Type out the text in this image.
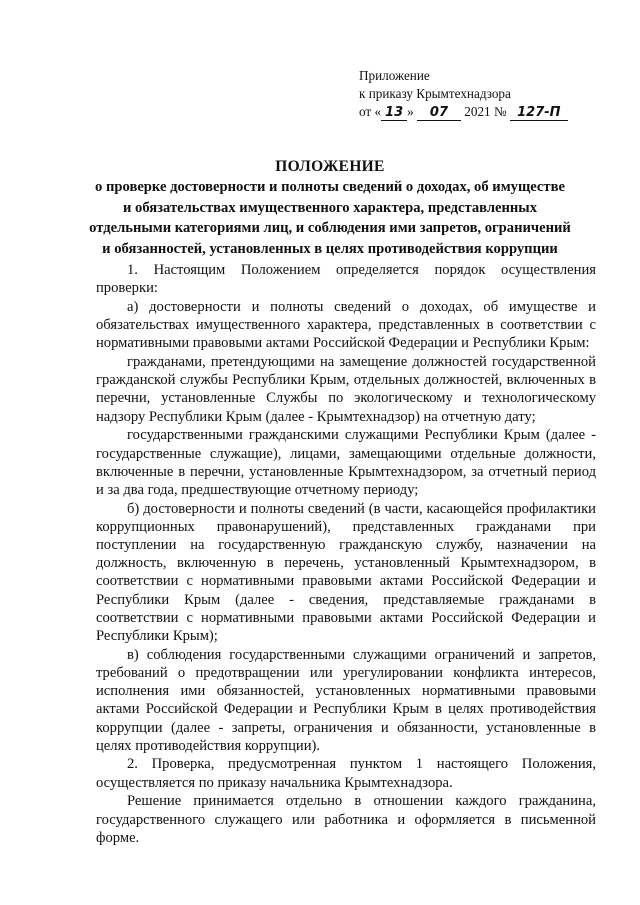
Приложение
к приказу Крымтехнадзора
от « 13 » 07 2021 № 127-П
ПОЛОЖЕНИЕ
о проверке достоверности и полноты сведений о доходах, об имуществе
и обязательствах имущественного характера, представленных
отдельными категориями лиц, и соблюдения ими запретов, ограничений
и обязанностей, установленных в целях противодействия коррупции

1. Настоящим Положением определяется порядок осуществления проверки:

а) достоверности и полноты сведений о доходах, об имуществе и обязательствах имущественного характера, представленных в соответствии с нормативными правовыми актами Российской Федерации и Республики Крым:

гражданами, претендующими на замещение должностей государственной гражданской службы Республики Крым, отдельных должностей, включенных в перечни, установленные Службы по экологическому и технологическому надзору Республики Крым (далее - Крымтехнадзор) на отчетную дату;

государственными гражданскими служащими Республики Крым (далее - государственные служащие), лицами, замещающими отдельные должности, включенные в перечни, установленные Крымтехнадзором, за отчетный период и за два года, предшествующие отчетному периоду;

б) достоверности и полноты сведений (в части, касающейся профилактики коррупционных правонарушений), представленных гражданами при поступлении на государственную гражданскую службу, назначении на должность, включенную в перечень, установленный Крымтехнадзором, в соответствии с нормативными правовыми актами Российской Федерации и Республики Крым (далее - сведения, представляемые гражданами в соответствии с нормативными правовыми актами Российской Федерации и Республики Крым);

в) соблюдения государственными служащими ограничений и запретов, требований о предотвращении или урегулировании конфликта интересов, исполнения ими обязанностей, установленных нормативными правовыми актами Российской Федерации и Республики Крым в целях противодействия коррупции (далее - запреты, ограничения и обязанности, установленные в целях противодействия коррупции).

2. Проверка, предусмотренная пунктом 1 настоящего Положения, осуществляется по приказу начальника Крымтехнадзора.

Решение принимается отдельно в отношении каждого гражданина, государственного служащего или работника и оформляется в письменной форме.
